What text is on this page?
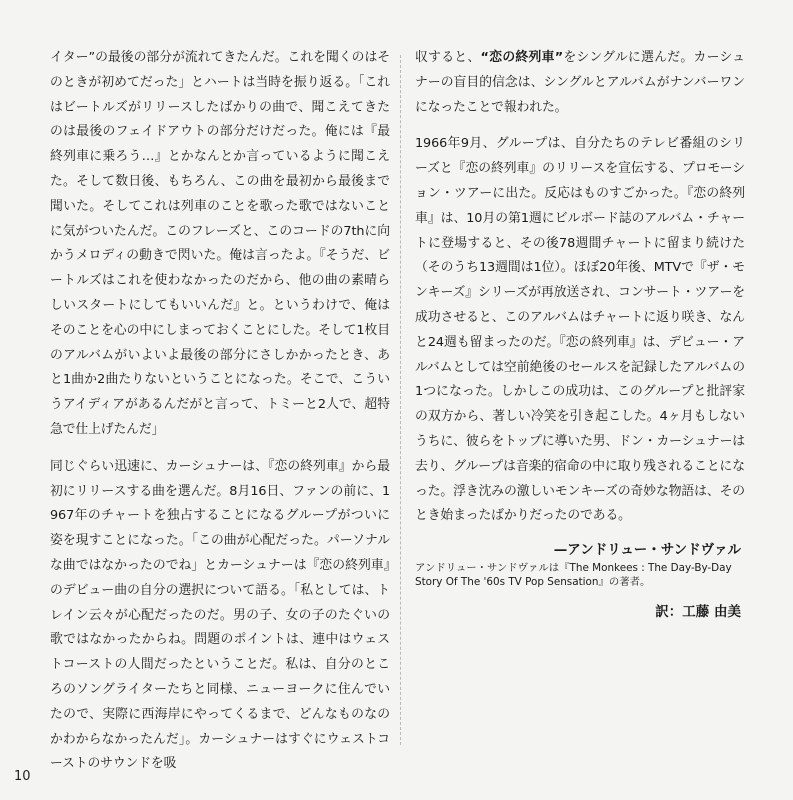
イター”の最後の部分が流れてきたんだ。これを聞くのはそのときが初めてだった」とハートは当時を振り返る。「これはビートルズがリリースしたばかりの曲で、聞こえてきたのは最後のフェイドアウトの部分だけだった。俺には『最終列車に乗ろう…』とかなんとか言っているように聞こえた。そして数日後、もちろん、この曲を最初から最後まで聞いた。そしてこれは列車のことを歌った歌ではないことに気がついたんだ。このフレーズと、このコードの7thに向かうメロディの動きで閃いた。俺は言ったよ。『そうだ、ビートルズはこれを使わなかったのだから、他の曲の素晴らしいスタートにしてもいいんだ』と。というわけで、俺はそのことを心の中にしまっておくことにした。そして1枚目のアルバムがいよいよ最後の部分にさしかかったとき、あと1曲か2曲たりないということになった。そこで、こういうアイディアがあるんだがと言って、トミーと2人で、超特急で仕上げたんだ」

同じぐらい迅速に、カーシュナーは、『恋の終列車』から最初にリリースする曲を選んだ。8月16日、ファンの前に、1967年のチャートを独占することになるグループがついに姿を現すことになった。「この曲が心配だった。パーソナルな曲ではなかったのでね」とカーシュナーは『恋の終列車』のデビュー曲の自分の選択について語る。「私としては、トレイン云々が心配だったのだ。男の子、女の子のたぐいの歌ではなかったからね。問題のポイントは、連中はウェストコーストの人間だったということだ。私は、自分のところのソングライターたちと同様、ニューヨークに住んでいたので、実際に西海岸にやってくるまで、どんなものなのかわからなかったんだ」。カーシュナーはすぐにウェストコーストのサウンドを吸

収すると、“恋の終列車”をシングルに選んだ。カーシュナーの盲目的信念は、シングルとアルバムがナンバーワンになったことで報われた。

1966年9月、グループは、自分たちのテレビ番組のシリーズと『恋の終列車』のリリースを宣伝する、プロモーション・ツアーに出た。反応はものすごかった。『恋の終列車』は、10月の第1週にビルボード誌のアルバム・チャートに登場すると、その後78週間チャートに留まり続けた（そのうち13週間は1位）。ほぼ20年後、MTVで『ザ・モンキーズ』シリーズが再放送され、コンサート・ツアーを成功させると、このアルバムはチャートに返り咲き、なんと24週も留まったのだ。『恋の終列車』は、デビュー・アルバムとしては空前絶後のセールスを記録したアルバムの1つになった。しかしこの成功は、このグループと批評家の双方から、著しい冷笑を引き起こした。4ヶ月もしないうちに、彼らをトップに導いた男、ドン・カーシュナーは去り、グループは音楽的宿命の中に取り残されることになった。浮き沈みの激しいモンキーズの奇妙な物語は、そのとき始まったばかりだったのである。

—アンドリュー・サンドヴァル

アンドリュー・サンドヴァルは『The Monkees : The Day-By-Day Story Of The '60s TV Pop Sensation』の著者。

訳：工藤 由美
10
